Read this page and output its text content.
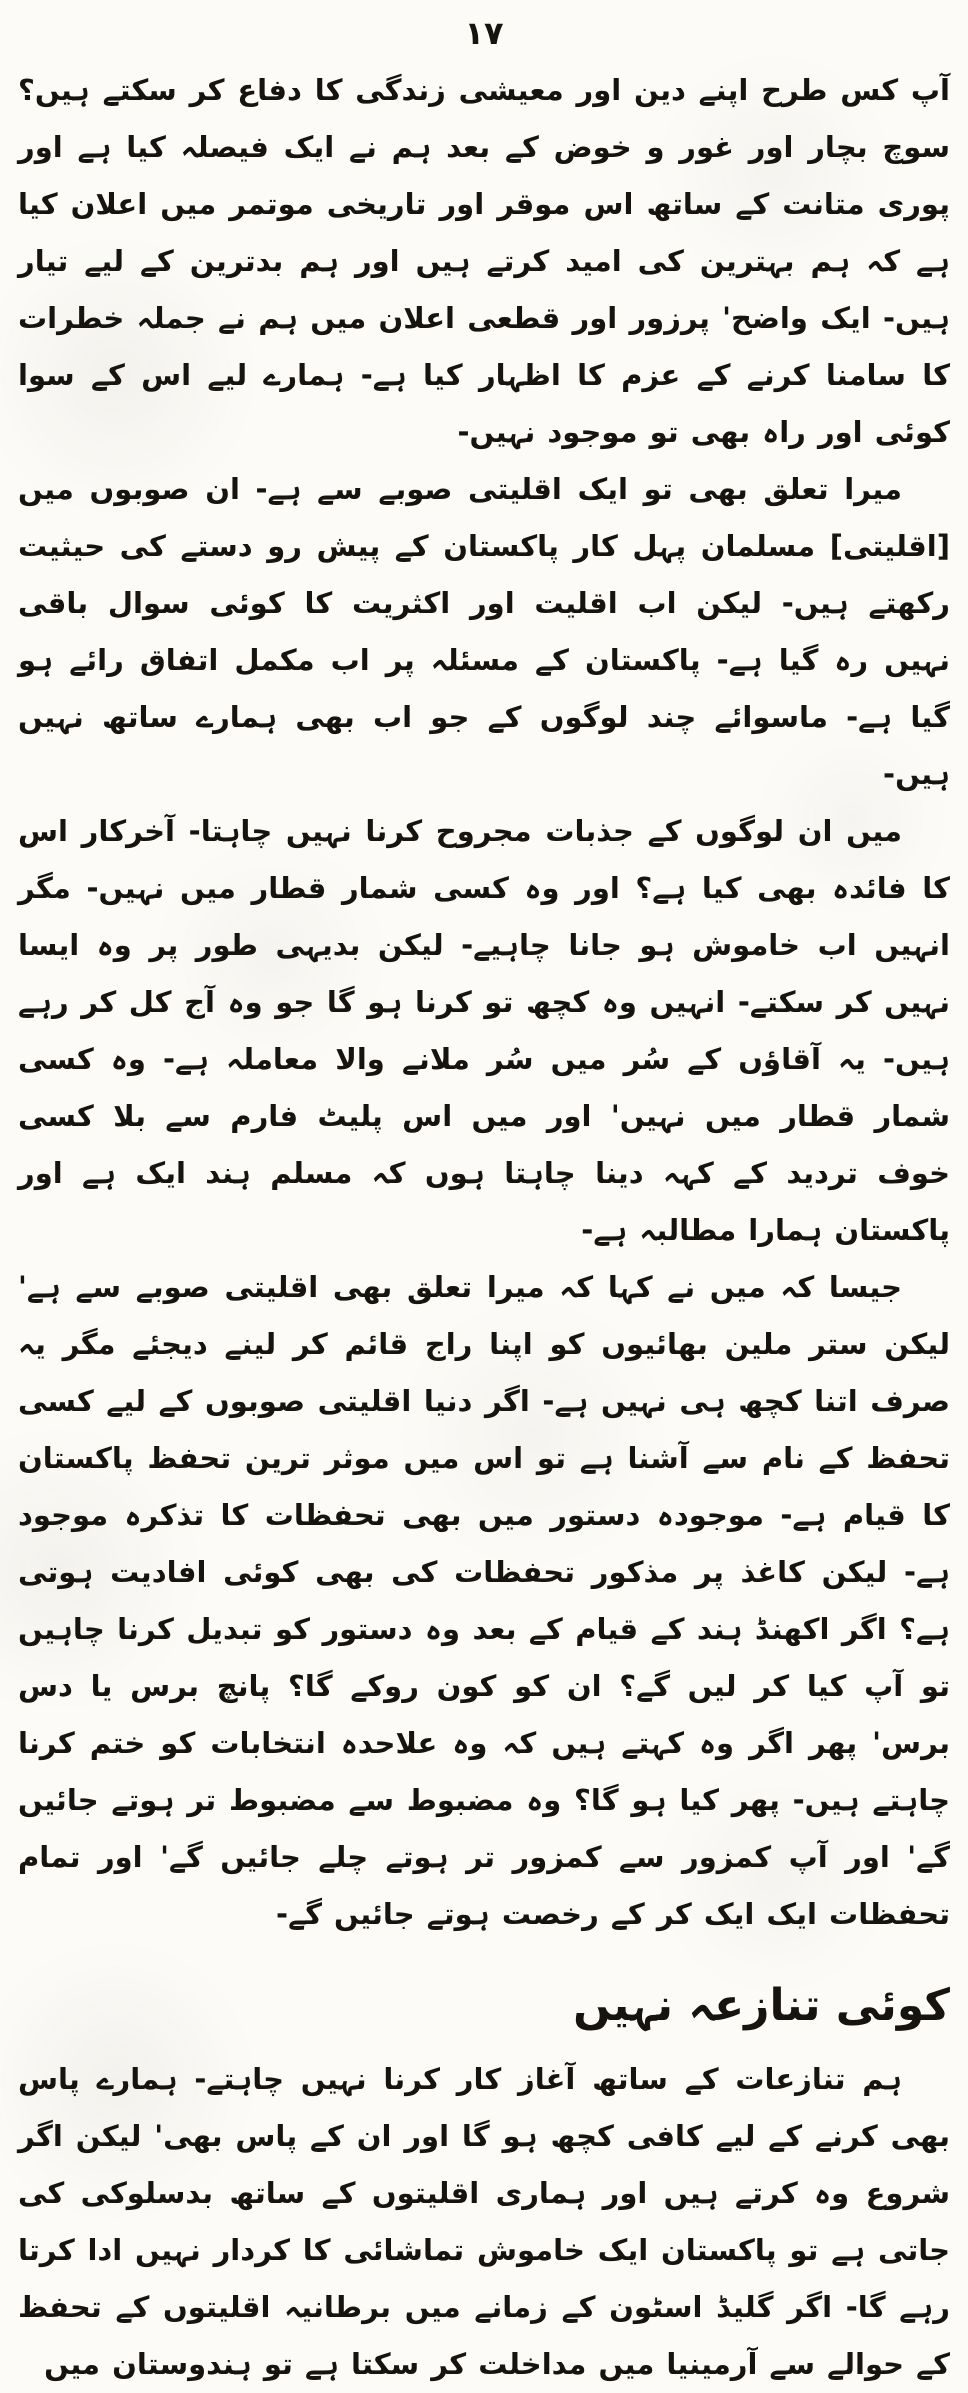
۱۷

آپ کس طرح اپنے دین اور معیشی زندگی کا دفاع کر سکتے ہیں؟ سوچ بچار اور غور و خوض کے بعد ہم نے ایک فیصلہ کیا ہے اور پوری متانت کے ساتھ اس موقر اور تاریخی موتمر میں اعلان کیا ہے کہ ہم بہترین کی امید کرتے ہیں اور ہم بدترین کے لیے تیار ہیں- ایک واضح' پرزور اور قطعی اعلان میں ہم نے جملہ خطرات کا سامنا کرنے کے عزم کا اظہار کیا ہے- ہمارے لیے اس کے سوا کوئی اور راہ بھی تو موجود نہیں-

میرا تعلق بھی تو ایک اقلیتی صوبے سے ہے- ان صوبوں میں [اقلیتی] مسلمان پہل کار پاکستان کے پیش رو دستے کی حیثیت رکھتے ہیں- لیکن اب اقلیت اور اکثریت کا کوئی سوال باقی نہیں رہ گیا ہے- پاکستان کے مسئلہ پر اب مکمل اتفاق رائے ہو گیا ہے- ماسوائے چند لوگوں کے جو اب بھی ہمارے ساتھ نہیں ہیں-

میں ان لوگوں کے جذبات مجروح کرنا نہیں چاہتا- آخرکار اس کا فائدہ بھی کیا ہے؟ اور وہ کسی شمار قطار میں نہیں- مگر انہیں اب خاموش ہو جانا چاہیے- لیکن بدیہی طور پر وہ ایسا نہیں کر سکتے- انہیں وہ کچھ تو کرنا ہو گا جو وہ آج کل کر رہے ہیں- یہ آقاؤں کے سُر میں سُر ملانے والا معاملہ ہے- وہ کسی شمار قطار میں نہیں' اور میں اس پلیٹ فارم سے بلا کسی خوف تردید کے کہہ دینا چاہتا ہوں کہ مسلم ہند ایک ہے اور پاکستان ہمارا مطالبہ ہے-

جیسا کہ میں نے کہا کہ میرا تعلق بھی اقلیتی صوبے سے ہے' لیکن ستر ملین بھائیوں کو اپنا راج قائم کر لینے دیجئے مگر یہ صرف اتنا کچھ ہی نہیں ہے- اگر دنیا اقلیتی صوبوں کے لیے کسی تحفظ کے نام سے آشنا ہے تو اس میں موثر ترین تحفظ پاکستان کا قیام ہے- موجودہ دستور میں بھی تحفظات کا تذکرہ موجود ہے- لیکن کاغذ پر مذکور تحفظات کی بھی کوئی افادیت ہوتی ہے؟ اگر اکھنڈ ہند کے قیام کے بعد وہ دستور کو تبدیل کرنا چاہیں تو آپ کیا کر لیں گے؟ ان کو کون روکے گا؟ پانچ برس یا دس برس' پھر اگر وہ کہتے ہیں کہ وہ علاحدہ انتخابات کو ختم کرنا چاہتے ہیں- پھر کیا ہو گا؟ وہ مضبوط سے مضبوط تر ہوتے جائیں گے' اور آپ کمزور سے کمزور تر ہوتے چلے جائیں گے' اور تمام تحفظات ایک ایک کر کے رخصت ہوتے جائیں گے-

کوئی تنازعہ نہیں

ہم تنازعات کے ساتھ آغاز کار کرنا نہیں چاہتے- ہمارے پاس بھی کرنے کے لیے کافی کچھ ہو گا اور ان کے پاس بھی' لیکن اگر شروع وہ کرتے ہیں اور ہماری اقلیتوں کے ساتھ بدسلوکی کی جاتی ہے تو پاکستان ایک خاموش تماشائی کا کردار نہیں ادا کرتا رہے گا- اگر گلیڈ اسٹون کے زمانے میں برطانیہ اقلیتوں کے تحفظ کے حوالے سے آرمینیا میں مداخلت کر سکتا ہے تو ہندوستان میں
